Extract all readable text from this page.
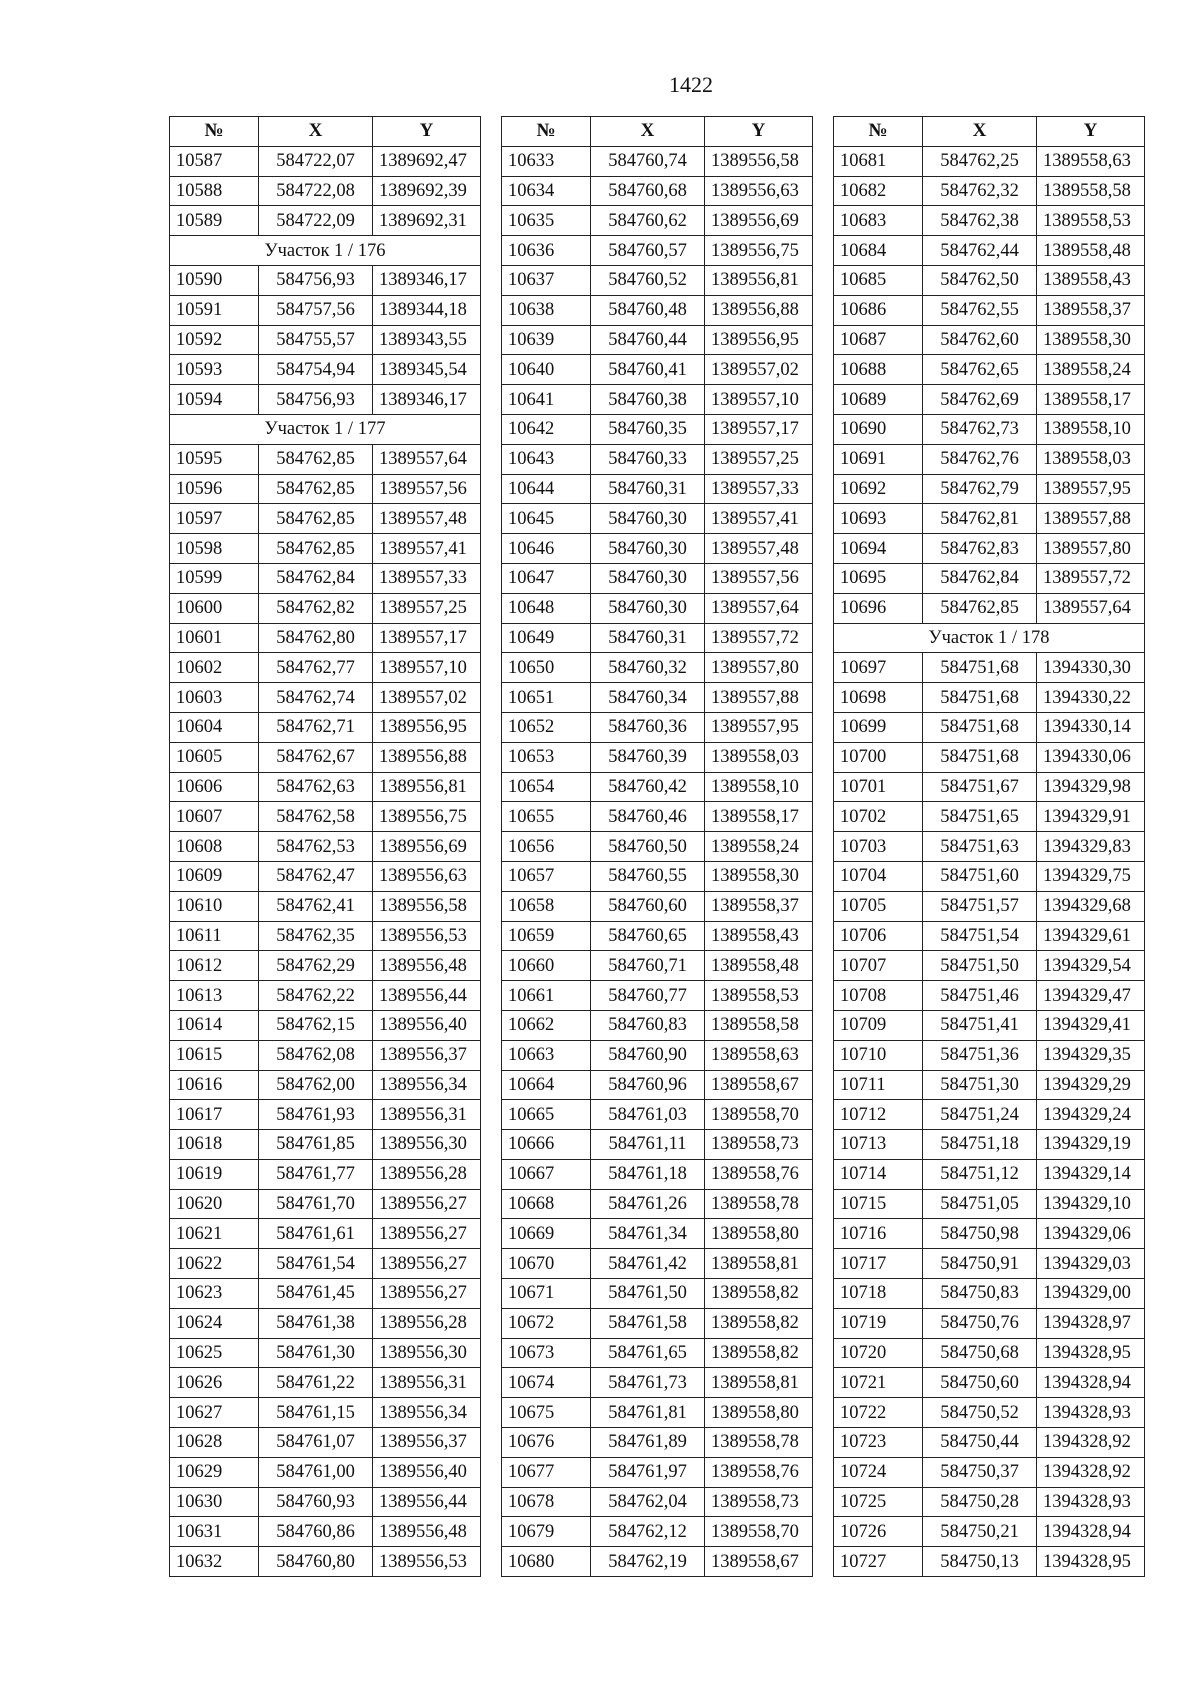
1422
№	X	Y
10587	584722,07	1389692,47
10588	584722,08	1389692,39
10589	584722,09	1389692,31
Участок 1 / 176		
10590	584756,93	1389346,17
10591	584757,56	1389344,18
10592	584755,57	1389343,55
10593	584754,94	1389345,54
10594	584756,93	1389346,17
Участок 1 / 177		
10595	584762,85	1389557,64
10596	584762,85	1389557,56
10597	584762,85	1389557,48
10598	584762,85	1389557,41
10599	584762,84	1389557,33
10600	584762,82	1389557,25
10601	584762,80	1389557,17
10602	584762,77	1389557,10
10603	584762,74	1389557,02
10604	584762,71	1389556,95
10605	584762,67	1389556,88
10606	584762,63	1389556,81
10607	584762,58	1389556,75
10608	584762,53	1389556,69
10609	584762,47	1389556,63
10610	584762,41	1389556,58
10611	584762,35	1389556,53
10612	584762,29	1389556,48
10613	584762,22	1389556,44
10614	584762,15	1389556,40
10615	584762,08	1389556,37
10616	584762,00	1389556,34
10617	584761,93	1389556,31
10618	584761,85	1389556,30
10619	584761,77	1389556,28
10620	584761,70	1389556,27
10621	584761,61	1389556,27
10622	584761,54	1389556,27
10623	584761,45	1389556,27
10624	584761,38	1389556,28
10625	584761,30	1389556,30
10626	584761,22	1389556,31
10627	584761,15	1389556,34
10628	584761,07	1389556,37
10629	584761,00	1389556,40
10630	584760,93	1389556,44
10631	584760,86	1389556,48
10632	584760,80	1389556,53
№	X	Y
10633	584760,74	1389556,58
10634	584760,68	1389556,63
10635	584760,62	1389556,69
10636	584760,57	1389556,75
10637	584760,52	1389556,81
10638	584760,48	1389556,88
10639	584760,44	1389556,95
10640	584760,41	1389557,02
10641	584760,38	1389557,10
10642	584760,35	1389557,17
10643	584760,33	1389557,25
10644	584760,31	1389557,33
10645	584760,30	1389557,41
10646	584760,30	1389557,48
10647	584760,30	1389557,56
10648	584760,30	1389557,64
10649	584760,31	1389557,72
10650	584760,32	1389557,80
10651	584760,34	1389557,88
10652	584760,36	1389557,95
10653	584760,39	1389558,03
10654	584760,42	1389558,10
10655	584760,46	1389558,17
10656	584760,50	1389558,24
10657	584760,55	1389558,30
10658	584760,60	1389558,37
10659	584760,65	1389558,43
10660	584760,71	1389558,48
10661	584760,77	1389558,53
10662	584760,83	1389558,58
10663	584760,90	1389558,63
10664	584760,96	1389558,67
10665	584761,03	1389558,70
10666	584761,11	1389558,73
10667	584761,18	1389558,76
10668	584761,26	1389558,78
10669	584761,34	1389558,80
10670	584761,42	1389558,81
10671	584761,50	1389558,82
10672	584761,58	1389558,82
10673	584761,65	1389558,82
10674	584761,73	1389558,81
10675	584761,81	1389558,80
10676	584761,89	1389558,78
10677	584761,97	1389558,76
10678	584762,04	1389558,73
10679	584762,12	1389558,70
10680	584762,19	1389558,67
№	X	Y
10681	584762,25	1389558,63
10682	584762,32	1389558,58
10683	584762,38	1389558,53
10684	584762,44	1389558,48
10685	584762,50	1389558,43
10686	584762,55	1389558,37
10687	584762,60	1389558,30
10688	584762,65	1389558,24
10689	584762,69	1389558,17
10690	584762,73	1389558,10
10691	584762,76	1389558,03
10692	584762,79	1389557,95
10693	584762,81	1389557,88
10694	584762,83	1389557,80
10695	584762,84	1389557,72
10696	584762,85	1389557,64
Участок 1 / 178		
10697	584751,68	1394330,30
10698	584751,68	1394330,22
10699	584751,68	1394330,14
10700	584751,68	1394330,06
10701	584751,67	1394329,98
10702	584751,65	1394329,91
10703	584751,63	1394329,83
10704	584751,60	1394329,75
10705	584751,57	1394329,68
10706	584751,54	1394329,61
10707	584751,50	1394329,54
10708	584751,46	1394329,47
10709	584751,41	1394329,41
10710	584751,36	1394329,35
10711	584751,30	1394329,29
10712	584751,24	1394329,24
10713	584751,18	1394329,19
10714	584751,12	1394329,14
10715	584751,05	1394329,10
10716	584750,98	1394329,06
10717	584750,91	1394329,03
10718	584750,83	1394329,00
10719	584750,76	1394328,97
10720	584750,68	1394328,95
10721	584750,60	1394328,94
10722	584750,52	1394328,93
10723	584750,44	1394328,92
10724	584750,37	1394328,92
10725	584750,28	1394328,93
10726	584750,21	1394328,94
10727	584750,13	1394328,95
